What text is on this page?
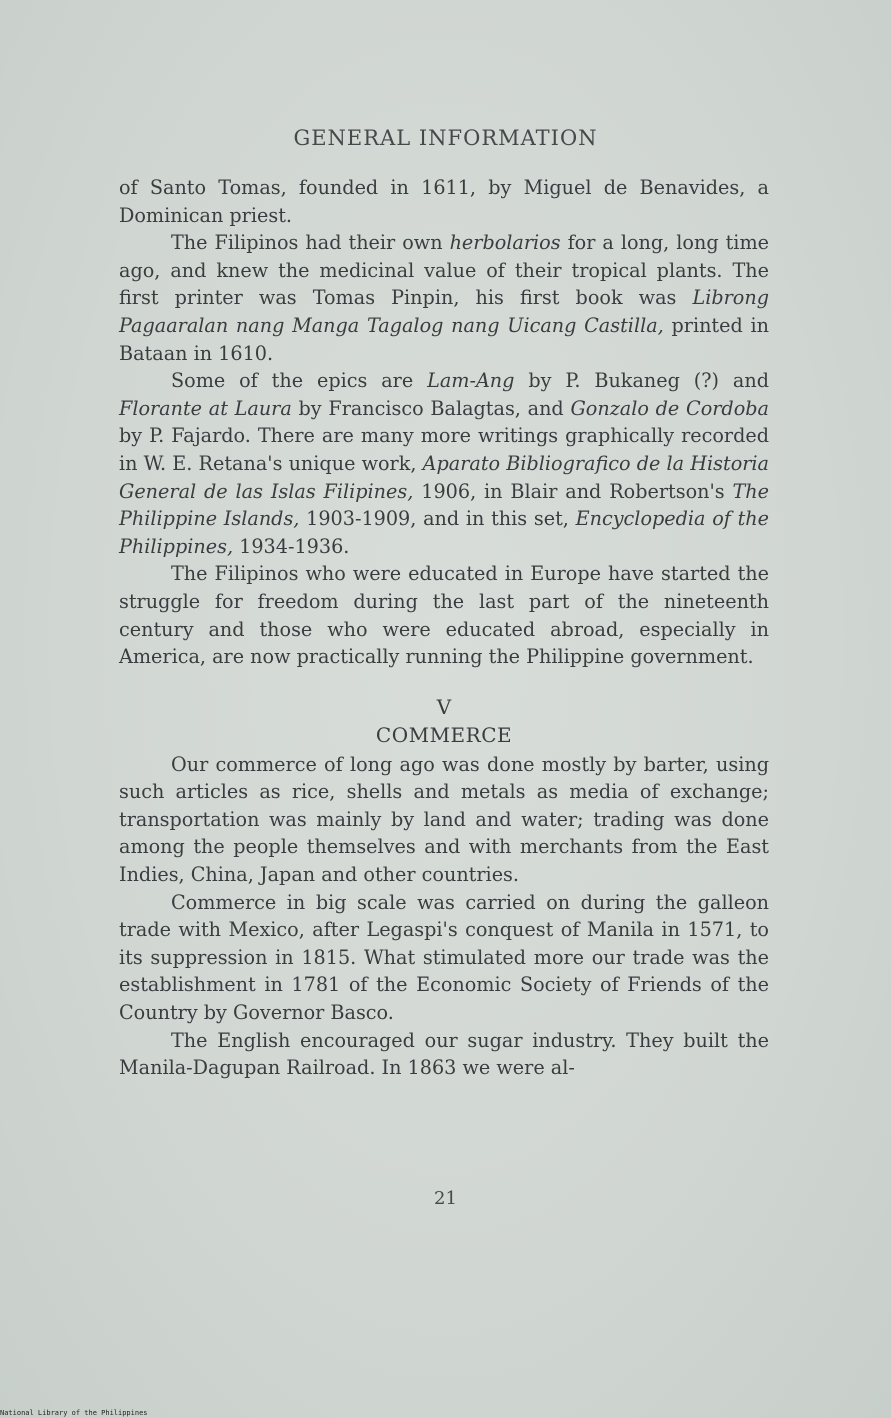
GENERAL INFORMATION

of Santo Tomas, founded in 1611, by Miguel de Benavides, a Dominican priest.

The Filipinos had their own herbolarios for a long, long time ago, and knew the medicinal value of their tropical plants. The first printer was Tomas Pinpin, his first book was Librong Pagaaralan nang Manga Tagalog nang Uicang Castilla, printed in Bataan in 1610.

Some of the epics are Lam-Ang by P. Bukaneg (?) and Florante at Laura by Francisco Balagtas, and Gonzalo de Cordoba by P. Fajardo. There are many more writings graphically recorded in W. E. Retana's unique work, Aparato Bibliografico de la Historia General de las Islas Filipines, 1906, in Blair and Robertson's The Philippine Islands, 1903-1909, and in this set, Encyclopedia of the Philippines, 1934-1936.

The Filipinos who were educated in Europe have started the struggle for freedom during the last part of the nineteenth century and those who were educated abroad, especially in America, are now practically running the Philippine government.

V
COMMERCE

Our commerce of long ago was done mostly by barter, using such articles as rice, shells and metals as media of exchange; transportation was mainly by land and water; trading was done among the people themselves and with merchants from the East Indies, China, Japan and other countries.

Commerce in big scale was carried on during the galleon trade with Mexico, after Legaspi's conquest of Manila in 1571, to its suppression in 1815. What stimulated more our trade was the establishment in 1781 of the Economic Society of Friends of the Country by Governor Basco.

The English encouraged our sugar industry. They built the Manila-Dagupan Railroad. In 1863 we were al-

21
National Library of the Philippines
